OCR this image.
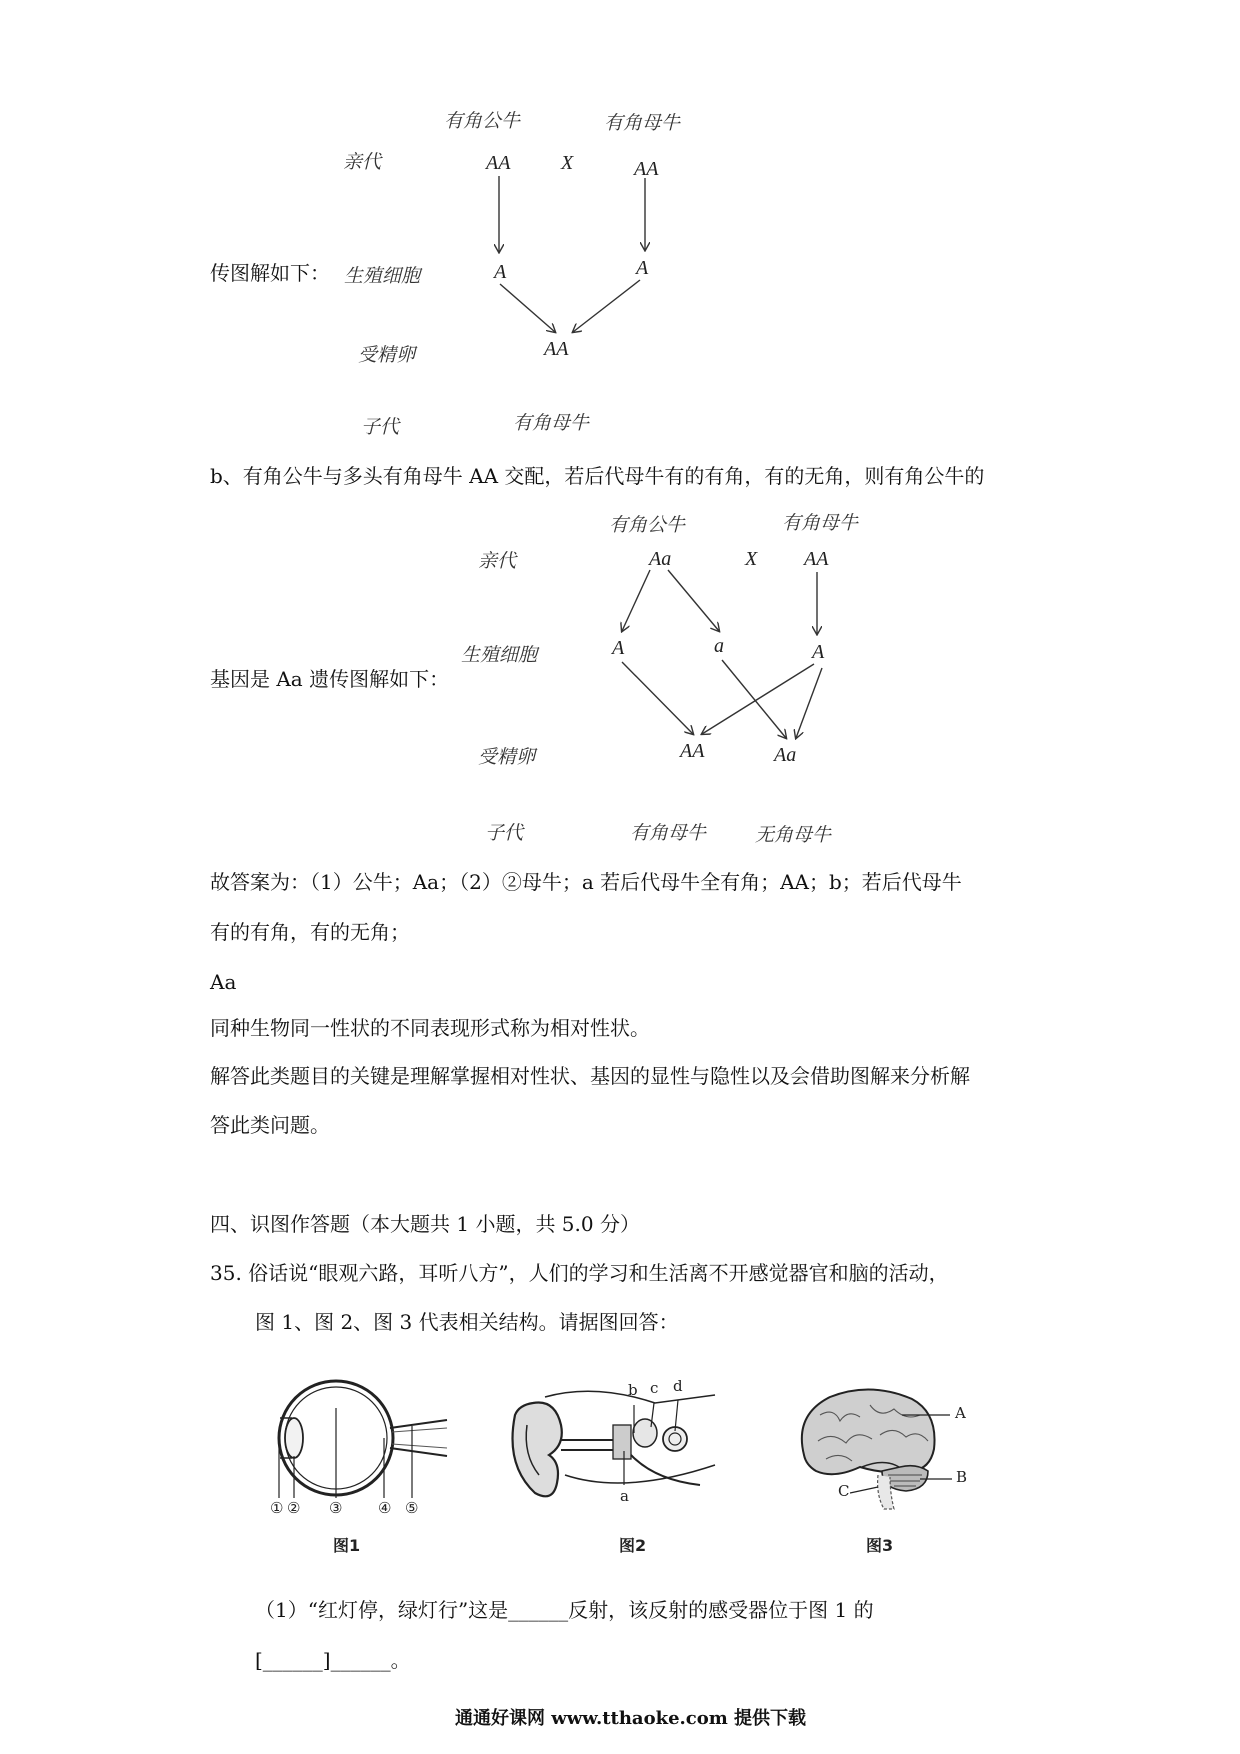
有角公牛	有角母牛
亲代	AA	X	AA
传图解如下： 生殖细胞	A	A
受精卵	AA
子代	有角母牛
b、有角公牛与多头有角母牛 AA 交配，若后代母牛有的有角，有的无角，则有角公牛的
有角公牛	有角母牛
亲代	Aa	X AA
生殖细胞	A	a	A
基因是 Aa 遗传图解如下：
受精卵	AA	Aa
子代	有角母牛	无角母牛
故答案为：（1）公牛；Aa；（2）②母牛；a 若后代母牛全有角；AA；b；若后代母牛
有的有角，有的无角；
Aa
同种生物同一性状的不同表现形式称为相对性状。
解答此类题目的关键是理解掌握相对性状、基因的显性与隐性以及会借助图解来分析解
答此类问题。
四、识图作答题（本大题共 1 小题，共 5.0 分）
35. 俗话说“眼观六路，耳听八方”，人们的学习和生活离不开感觉器官和脑的活动，
图 1、图 2、图 3 代表相关结构。请据图回答：
① ② ③ ④ ⑤
图1
b c d
a
图2
A
B
C
图3
（1）“红灯停，绿灯行”这是______反射，该反射的感受器位于图 1 的
[______]______。
通通好课网 www.tthaoke.com 提供下载
